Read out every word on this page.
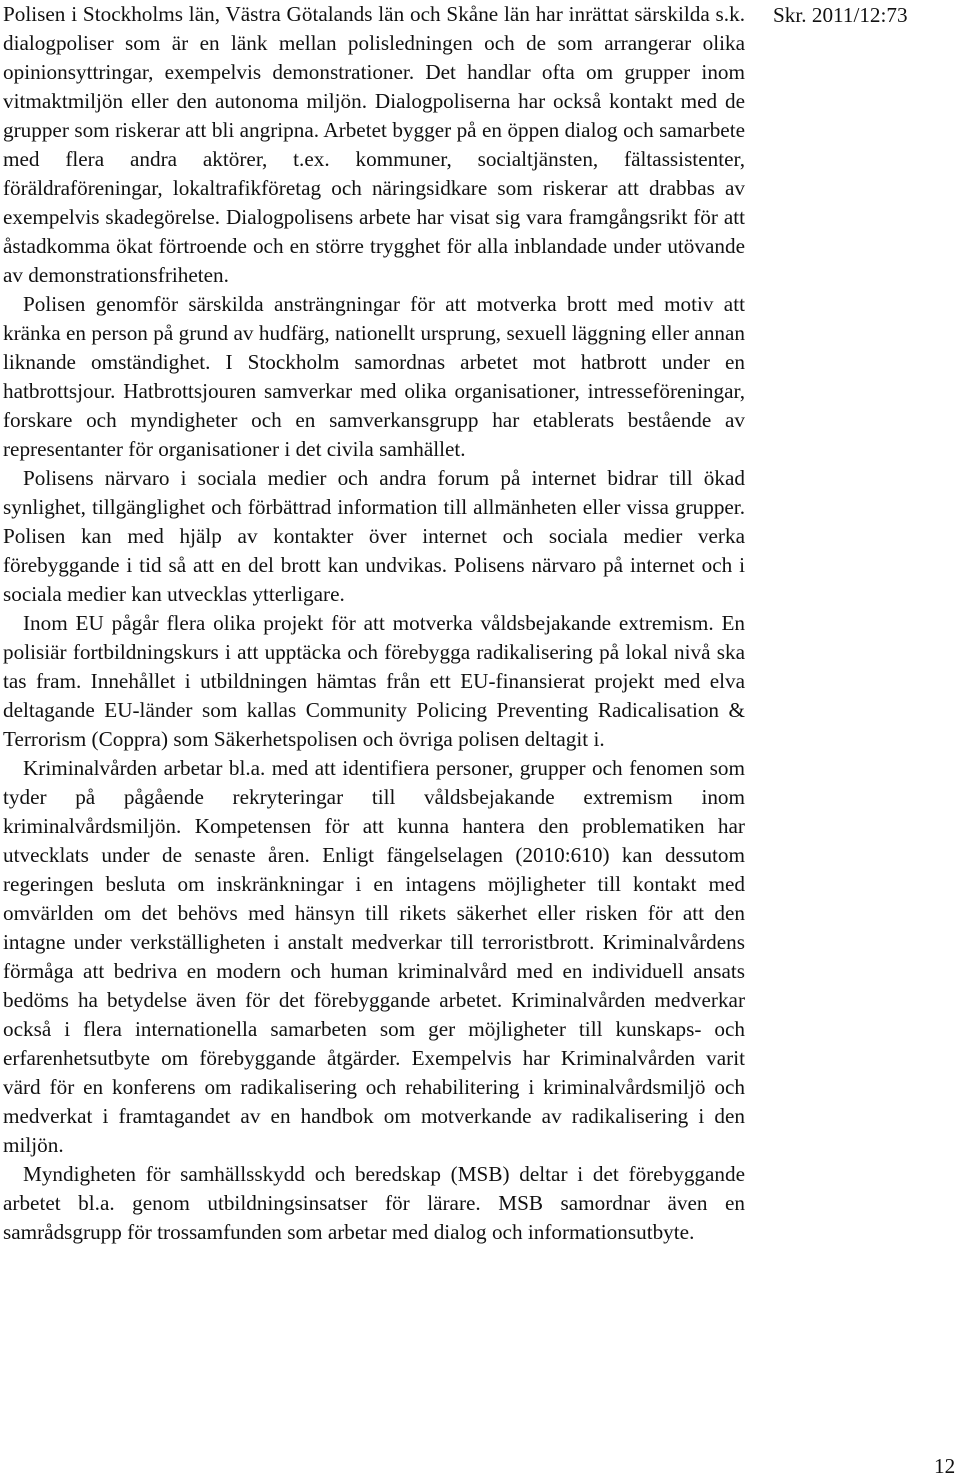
Polisen i Stockholms län, Västra Götalands län och Skåne län har inrättat särskilda s.k. dialogpoliser som är en länk mellan polisledningen och de som arrangerar olika opinionsyttringar, exempelvis demonstrationer. Det handlar ofta om grupper inom vitmaktmiljön eller den autonoma miljön. Dialogpoliserna har också kontakt med de grupper som riskerar att bli angripna. Arbetet bygger på en öppen dialog och samarbete med flera andra aktörer, t.ex. kommuner, socialtjänsten, fältassistenter, föräldraföreningar, lokaltrafikföretag och näringsidkare som riskerar att drabbas av exempelvis skadegörelse. Dialogpolisens arbete har visat sig vara framgångsrikt för att åstadkomma ökat förtroende och en större trygghet för alla inblandade under utövande av demonstrationsfriheten.

Polisen genomför särskilda ansträngningar för att motverka brott med motiv att kränka en person på grund av hudfärg, nationellt ursprung, sexuell läggning eller annan liknande omständighet. I Stockholm samordnas arbetet mot hatbrott under en hatbrottsjour. Hatbrottsjouren samverkar med olika organisationer, intresseföreningar, forskare och myndigheter och en samverkansgrupp har etablerats bestående av representanter för organisationer i det civila samhället.

Polisens närvaro i sociala medier och andra forum på internet bidrar till ökad synlighet, tillgänglighet och förbättrad information till allmänheten eller vissa grupper. Polisen kan med hjälp av kontakter över internet och sociala medier verka förebyggande i tid så att en del brott kan undvikas. Polisens närvaro på internet och i sociala medier kan utvecklas ytterligare.

Inom EU pågår flera olika projekt för att motverka våldsbejakande extremism. En polisiär fortbildningskurs i att upptäcka och förebygga radikalisering på lokal nivå ska tas fram. Innehållet i utbildningen hämtas från ett EU-finansierat projekt med elva deltagande EU-länder som kallas Community Policing Preventing Radicalisation & Terrorism (Coppra) som Säkerhetspolisen och övriga polisen deltagit i.

Kriminalvården arbetar bl.a. med att identifiera personer, grupper och fenomen som tyder på pågående rekryteringar till våldsbejakande extremism inom kriminalvårdsmiljön. Kompetensen för att kunna hantera den problematiken har utvecklats under de senaste åren. Enligt fängelselagen (2010:610) kan dessutom regeringen besluta om inskränkningar i en intagens möjligheter till kontakt med omvärlden om det behövs med hänsyn till rikets säkerhet eller risken för att den intagne under verkställigheten i anstalt medverkar till terroristbrott. Kriminalvårdens förmåga att bedriva en modern och human kriminalvård med en individuell ansats bedöms ha betydelse även för det förebyggande arbetet. Kriminalvården medverkar också i flera internationella samarbeten som ger möjligheter till kunskaps- och erfarenhetsutbyte om förebyggande åtgärder. Exempelvis har Kriminalvården varit värd för en konferens om radikalisering och rehabilitering i kriminalvårdsmiljö och medverkat i framtagandet av en handbok om motverkande av radikalisering i den miljön.

Myndigheten för samhällsskydd och beredskap (MSB) deltar i det förebyggande arbetet bl.a. genom utbildningsinsatser för lärare. MSB samordnar även en samrådsgrupp för trossamfunden som arbetar med dialog och informationsutbyte.

Skr. 2011/12:73
12
